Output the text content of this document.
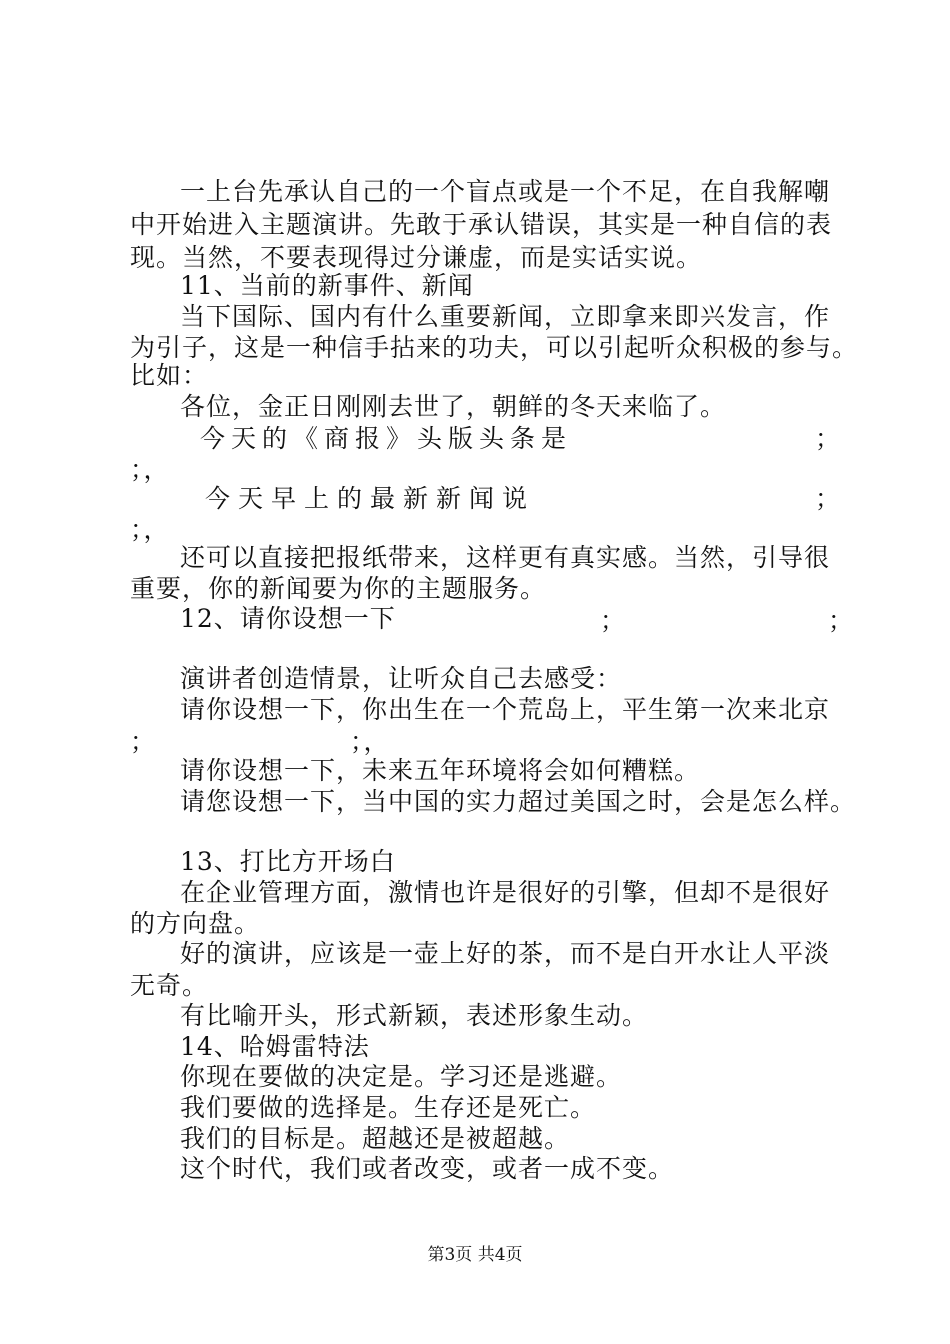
一上台先承认自己的一个盲点或是一个不足，在自我解嘲
中开始进入主题演讲。先敢于承认错误，其实是一种自信的表
现。当然，不要表现得过分谦虚，而是实话实说。
11、当前的新事件、新闻
当下国际、国内有什么重要新闻，立即拿来即兴发言，作
为引子，这是一种信手拈来的功夫，可以引起听众积极的参与。
比如：
各位，金正日刚刚去世了，朝鲜的冬天来临了。
今天的《商报》头版头条是	；
；，
今天早上的最新新闻说	；
；，
还可以直接把报纸带来，这样更有真实感。当然，引导很
重要，你的新闻要为你的主题服务。
12、请你设想一下	；	；
演讲者创造情景，让听众自己去感受：
请你设想一下，你出生在一个荒岛上，平生第一次来北京
；	；，
请你设想一下，未来五年环境将会如何糟糕。
请您设想一下，当中国的实力超过美国之时，会是怎么样。
13、打比方开场白
在企业管理方面，激情也许是很好的引擎，但却不是很好
的方向盘。
好的演讲，应该是一壶上好的茶，而不是白开水让人平淡
无奇。
有比喻开头，形式新颖，表述形象生动。
14、哈姆雷特法
你现在要做的决定是。学习还是逃避。
我们要做的选择是。生存还是死亡。
我们的目标是。超越还是被超越。
这个时代，我们或者改变，或者一成不变。
第3页 共4页
